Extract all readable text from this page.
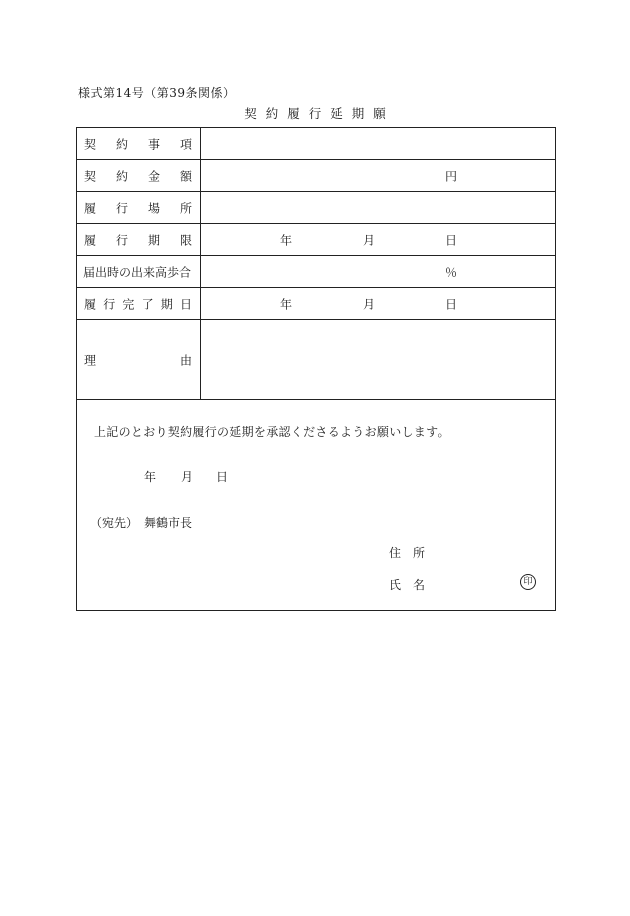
様式第14号（第39条関係）
契約履行延期願
契 約 事 項
契 約 金 額	円
履 行 場 所
履 行 期 限	年	月	日
届出時の出来高歩合	％
履 行 完 了 期 日	年	月	日
理	由
上記のとおり契約履行の延期を承認くださるようお願いします。
年 月 日
（宛先）　舞鶴市長
住　所
氏　名	印
